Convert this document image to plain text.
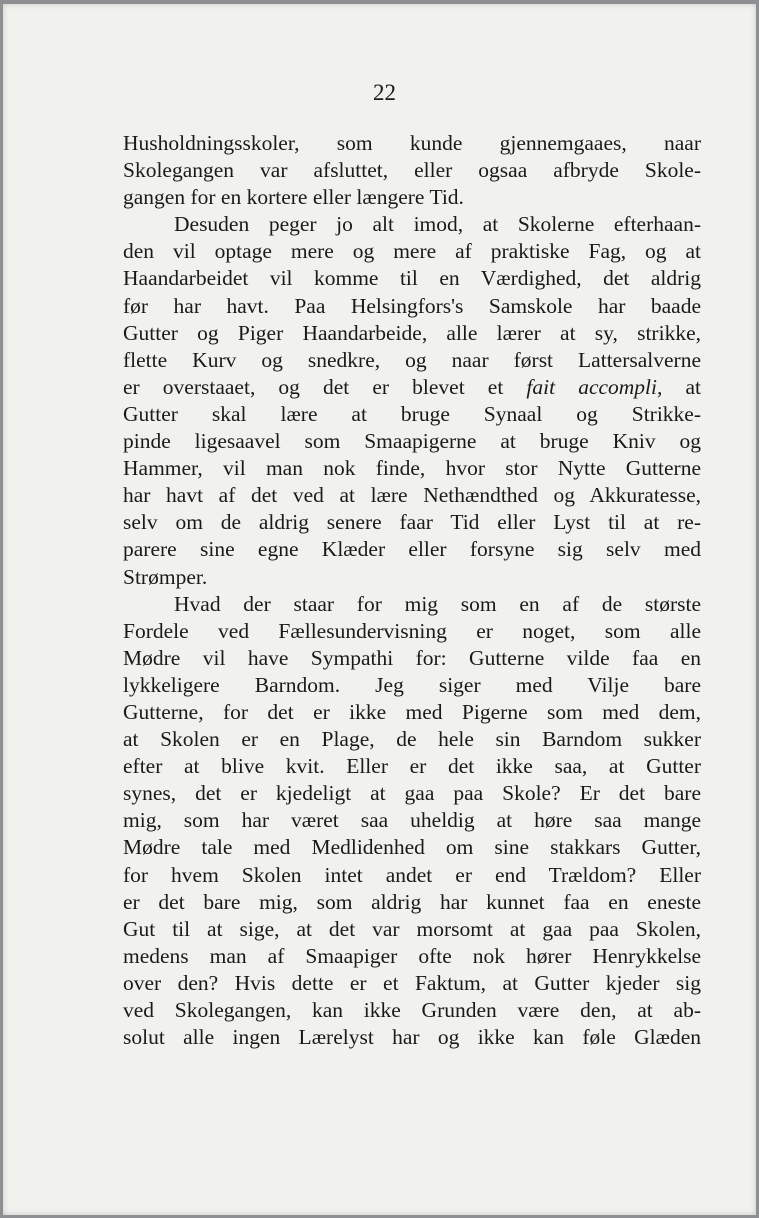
22
Husholdningsskoler, som kunde gjennemgaaes, naar
Skolegangen var afsluttet, eller ogsaa afbryde Skole-
gangen for en kortere eller længere Tid.
Desuden peger jo alt imod, at Skolerne efterhaan-
den vil optage mere og mere af praktiske Fag, og at
Haandarbeidet vil komme til en Værdighed, det aldrig
før har havt. Paa Helsingfors's Samskole har baade
Gutter og Piger Haandarbeide, alle lærer at sy, strikke,
flette Kurv og snedkre, og naar først Lattersalverne
er overstaaet, og det er blevet et fait accompli, at
Gutter skal lære at bruge Synaal og Strikke-
pinde ligesaavel som Smaapigerne at bruge Kniv og
Hammer, vil man nok finde, hvor stor Nytte Gutterne
har havt af det ved at lære Nethændthed og Akkuratesse,
selv om de aldrig senere faar Tid eller Lyst til at re-
parere sine egne Klæder eller forsyne sig selv med
Strømper.
Hvad der staar for mig som en af de største
Fordele ved Fællesundervisning er noget, som alle
Mødre vil have Sympathi for: Gutterne vilde faa en
lykkeligere Barndom. Jeg siger med Vilje bare
Gutterne, for det er ikke med Pigerne som med dem,
at Skolen er en Plage, de hele sin Barndom sukker
efter at blive kvit. Eller er det ikke saa, at Gutter
synes, det er kjedeligt at gaa paa Skole? Er det bare
mig, som har været saa uheldig at høre saa mange
Mødre tale med Medlidenhed om sine stakkars Gutter,
for hvem Skolen intet andet er end Trældom? Eller
er det bare mig, som aldrig har kunnet faa en eneste
Gut til at sige, at det var morsomt at gaa paa Skolen,
medens man af Smaapiger ofte nok hører Henrykkelse
over den? Hvis dette er et Faktum, at Gutter kjeder sig
ved Skolegangen, kan ikke Grunden være den, at ab-
solut alle ingen Lærelyst har og ikke kan føle Glæden
